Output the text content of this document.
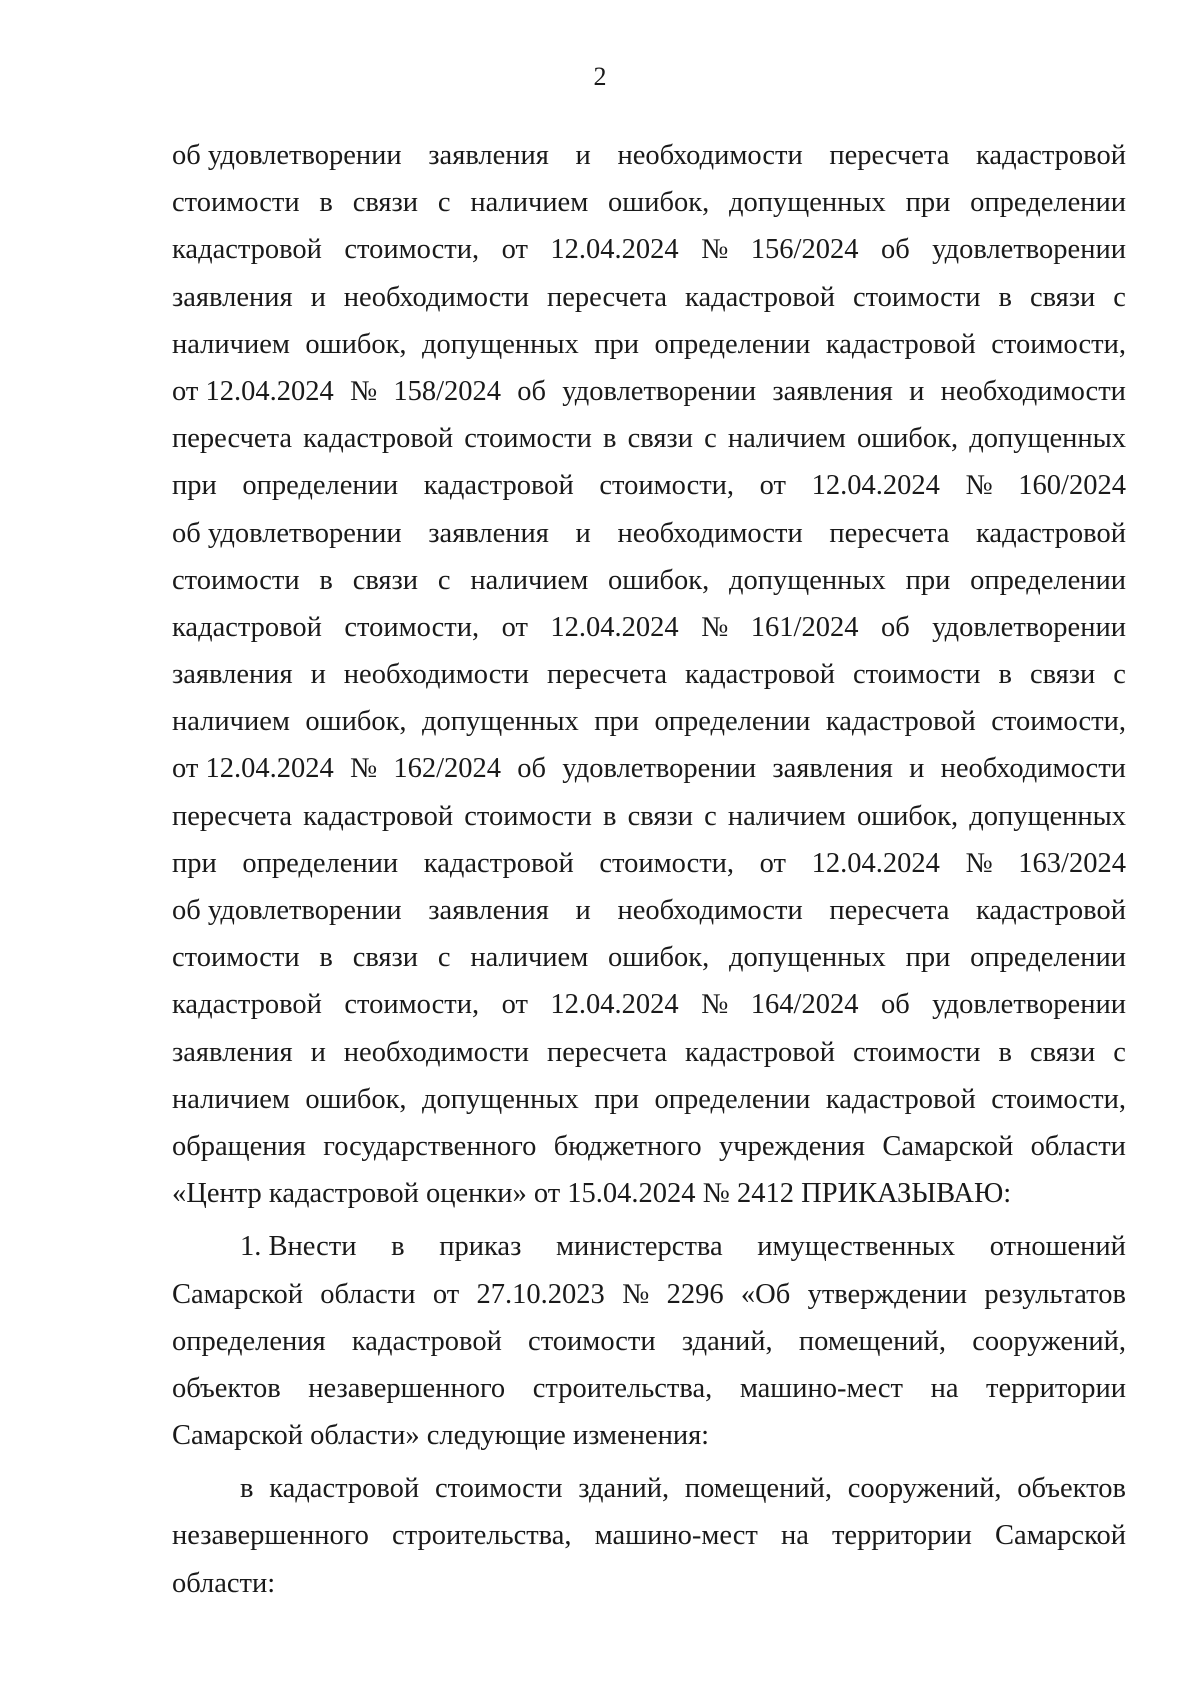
2
об удовлетворении заявления и необходимости пересчета кадастровой
стоимости в связи с наличием ошибок, допущенных при определении
кадастровой стоимости, от 12.04.2024 № 156/2024 об удовлетворении
заявления и необходимости пересчета кадастровой стоимости в связи с
наличием ошибок, допущенных при определении кадастровой стоимости,
от 12.04.2024 № 158/2024 об удовлетворении заявления и необходимости
пересчета кадастровой стоимости в связи с наличием ошибок, допущенных
при определении кадастровой стоимости, от 12.04.2024 № 160/2024
об удовлетворении заявления и необходимости пересчета кадастровой
стоимости в связи с наличием ошибок, допущенных при определении
кадастровой стоимости, от 12.04.2024 № 161/2024 об удовлетворении
заявления и необходимости пересчета кадастровой стоимости в связи с
наличием ошибок, допущенных при определении кадастровой стоимости,
от 12.04.2024 № 162/2024 об удовлетворении заявления и необходимости
пересчета кадастровой стоимости в связи с наличием ошибок, допущенных
при определении кадастровой стоимости, от 12.04.2024 № 163/2024
об удовлетворении заявления и необходимости пересчета кадастровой
стоимости в связи с наличием ошибок, допущенных при определении
кадастровой стоимости, от 12.04.2024 № 164/2024 об удовлетворении
заявления и необходимости пересчета кадастровой стоимости в связи с
наличием ошибок, допущенных при определении кадастровой стоимости,
обращения государственного бюджетного учреждения Самарской области
«Центр кадастровой оценки» от 15.04.2024 № 2412 ПРИКАЗЫВАЮ:
1. Внести в приказ министерства имущественных отношений
Самарской области от 27.10.2023 № 2296 «Об утверждении результатов
определения кадастровой стоимости зданий, помещений, сооружений,
объектов незавершенного строительства, машино-мест на территории
Самарской области» следующие изменения:
в кадастровой стоимости зданий, помещений, сооружений, объектов
незавершенного строительства, машино-мест на территории Самарской
области:
